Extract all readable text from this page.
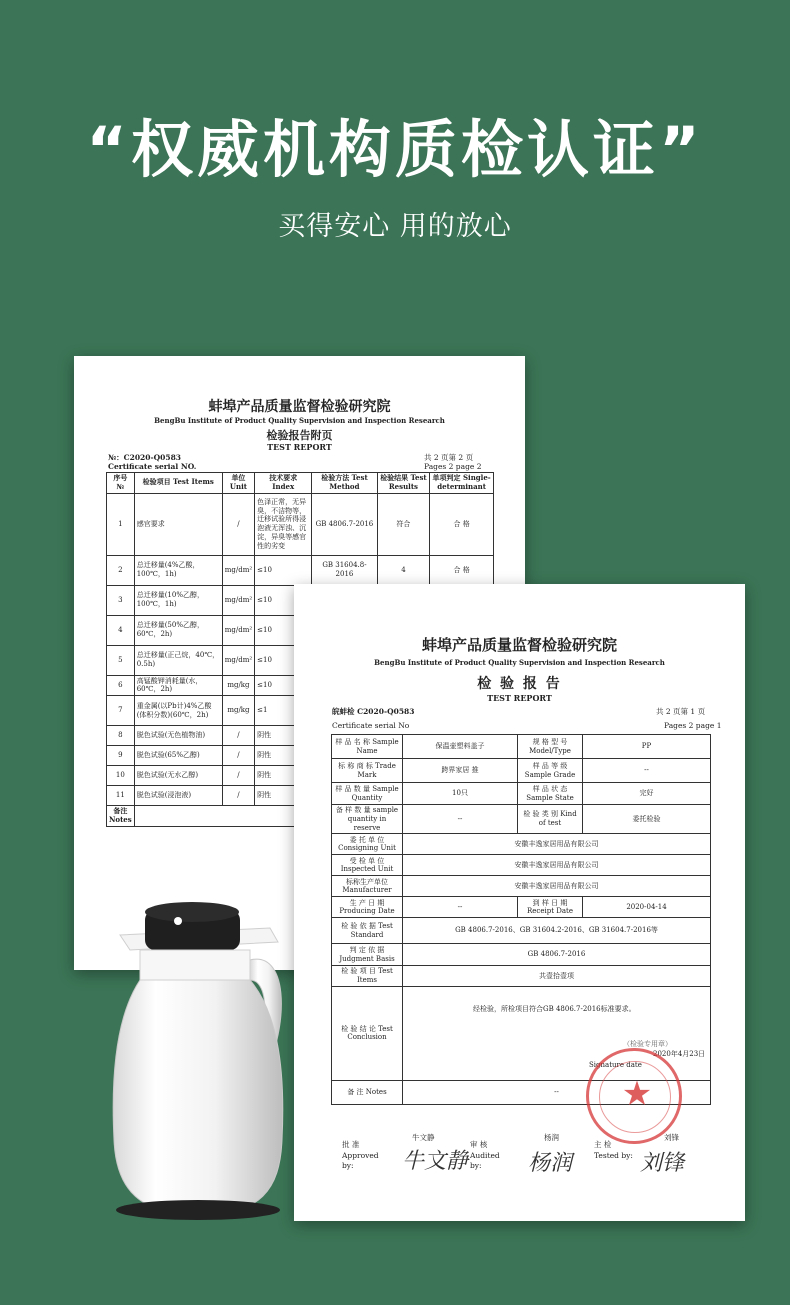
“权威机构质检认证”
买得安心 用的放心
蚌埠产品质量监督检验研究院
BengBu Institute of Product Quality Supervision and Inspection Research
检验报告附页
TEST REPORT
№：C2020-Q0583
Certificate serial NO.
共 2 页第 2 页
Pages 2 page 2
序号 №	检验项目 Test Items	单位 Unit	技术要求 Index	检验方法 Test Method	检验结果 Test Results	单项判定 Single-determinant
1	感官要求	/	色泽正常，无异臭，不洁物等，迁移试验所得浸泡液无浑浊、沉淀，异臭等感官性的劣变	GB 4806.7-2016	符合	合 格
2	总迁移量(4%乙酸，100℃，1h)	mg/dm²	≤10	GB 31604.8-2016	4	合 格
3	总迁移量(10%乙醇，100℃，1h)	mg/dm²	≤10			
4	总迁移量(50%乙醇，60℃，2h)	mg/dm²	≤10			
5	总迁移量(正己烷，40℃，0.5h)	mg/dm²	≤10			
6	高锰酸钾消耗量(水，60℃，2h)	mg/kg	≤10			
7	重金属(以Pb计)4%乙酸(体积分数)(60℃，2h)	mg/kg	≤1			
8	脱色试验(无色植物油)	/	阴性			
9	脱色试验(65%乙醇)	/	阴性			
10	脱色试验(无水乙醇)	/	阴性			
11	脱色试验(浸泡液)	/	阴性			
备注 Notes						
蚌埠产品质量监督检验研究院
BengBu Institute of Product Quality Supervision and Inspection Research
检 验 报 告
TEST REPORT
皖蚌检 C2020-Q0583
Certificate serial No
共 2 页第 1 页
Pages 2 page 1
样 品 名 称 Sample Name	保温壶塑料盖子	规 格 型 号 Model/Type	PP
标 称 商 标 Trade Mark	跨界家居 推	样 品 等 级 Sample Grade	--
样 品 数 量 Sample Quantity	10只	样 品 状 态 Sample State	完好
备 样 数 量 sample quantity in reserve	--	检 验 类 别 Kind of test	委托检验
委 托 单 位 Consigning Unit	安徽丰逸家居用品有限公司		
受 检 单 位 Inspected Unit	安徽丰逸家居用品有限公司		
标称生产单位 Manufacturer	安徽丰逸家居用品有限公司		
生 产 日 期 Producing Date	--	到 样 日 期 Receipt Date	2020-04-14
检 验 依 据 Test Standard	GB 4806.7-2016、GB 31604.2-2016、GB 31604.7-2016等		
判 定 依 据 Judgment Basis	GB 4806.7-2016		
检 验 项 目 Test Items	共壹拾壹项		
检 验 结 论 Test Conclusion	经检验，所检项目符合GB 4806.7-2016标准要求。
（检验专用章）
2020年4月23日
Signature date		

备 注 Notes	--			★
批 准 Approved by:
牛文静
牛文静
审 核 Audited by:
杨润
杨润
主 检 Tested by:
刘锋
刘锋
